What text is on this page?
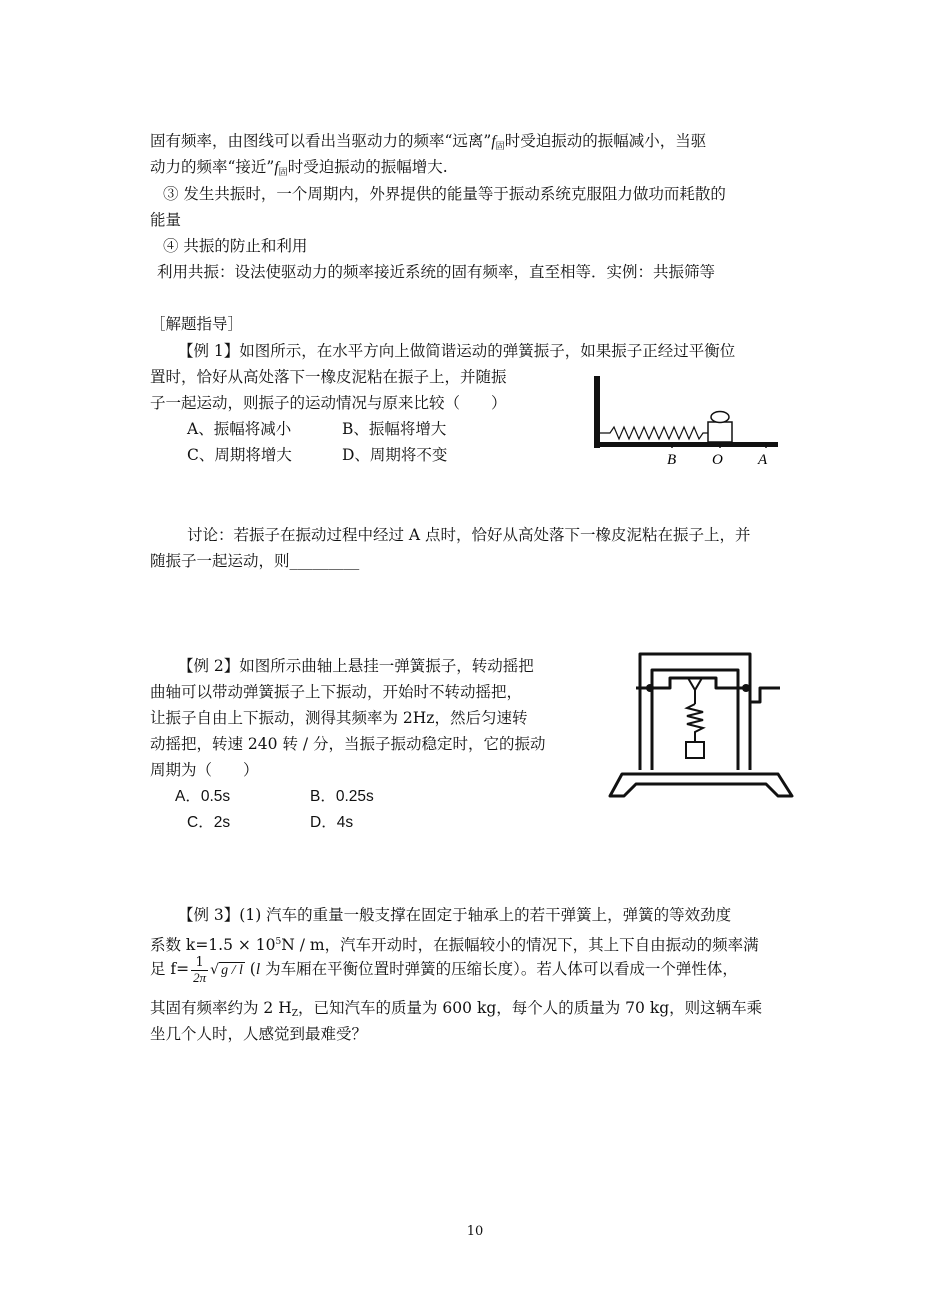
固有频率，由图线可以看出当驱动力的频率“远离$”f_固$时受迫振动的振幅减小，当驱
动力的频率“接近$”f_固$时受迫振动的振幅增大.
③ 发生共振时，一个周期内，外界提供的能量等于振动系统克服阻力做功而耗散的
能量
④ 共振的防止和利用
利用共振：设法使驱动力的频率接近系统的固有频率，直至相等．实例：共振筛等
［解题指导］
【例 1】如图所示，在水平方向上做简谐运动的弹簧振子，如果振子正经过平衡位
置时，恰好从高处落下一橡皮泥粘在振子上，并随振
子一起运动，则振子的运动情况与原来比较（　　）
A、振幅将减小	B、振幅将增大
C、周期将增大	D、周期将不变	B O A
讨论：若振子在振动过程中经过 A 点时，恰好从高处落下一橡皮泥粘在振子上，并
随振子一起运动，则_________
【例 2】如图所示曲轴上悬挂一弹簧振子，转动摇把
曲轴可以带动弹簧振子上下振动，开始时不转动摇把，
让振子自由上下振动，测得其频率为 2Hz，然后匀速转
动摇把，转速 240 转 / 分，当振子振动稳定时，它的振动
周期为（　　）
A．0.5s	B．0.25s
C．2s	D．4s
【例 3】(1) 汽车的重量一般支撑在固定于轴承上的若干弹簧上，弹簧的等效劲度
系数 $k=1.5 \times 10^5N / m$，汽车开动时，在振幅较小的情况下，其上下自由振动的频率满
足 $f= \frac{1}{2\pi}$ √ g / l (l 为车厢在平衡位置时弹簧的压缩长度）。若人体可以看成一个弹性体，
其固有频率约为 2 $H_Z$，已知汽车的质量为 600 kg，每个人的质量为 70 kg，则这辆车乘
坐几个人时，人感觉到最难受？
10
